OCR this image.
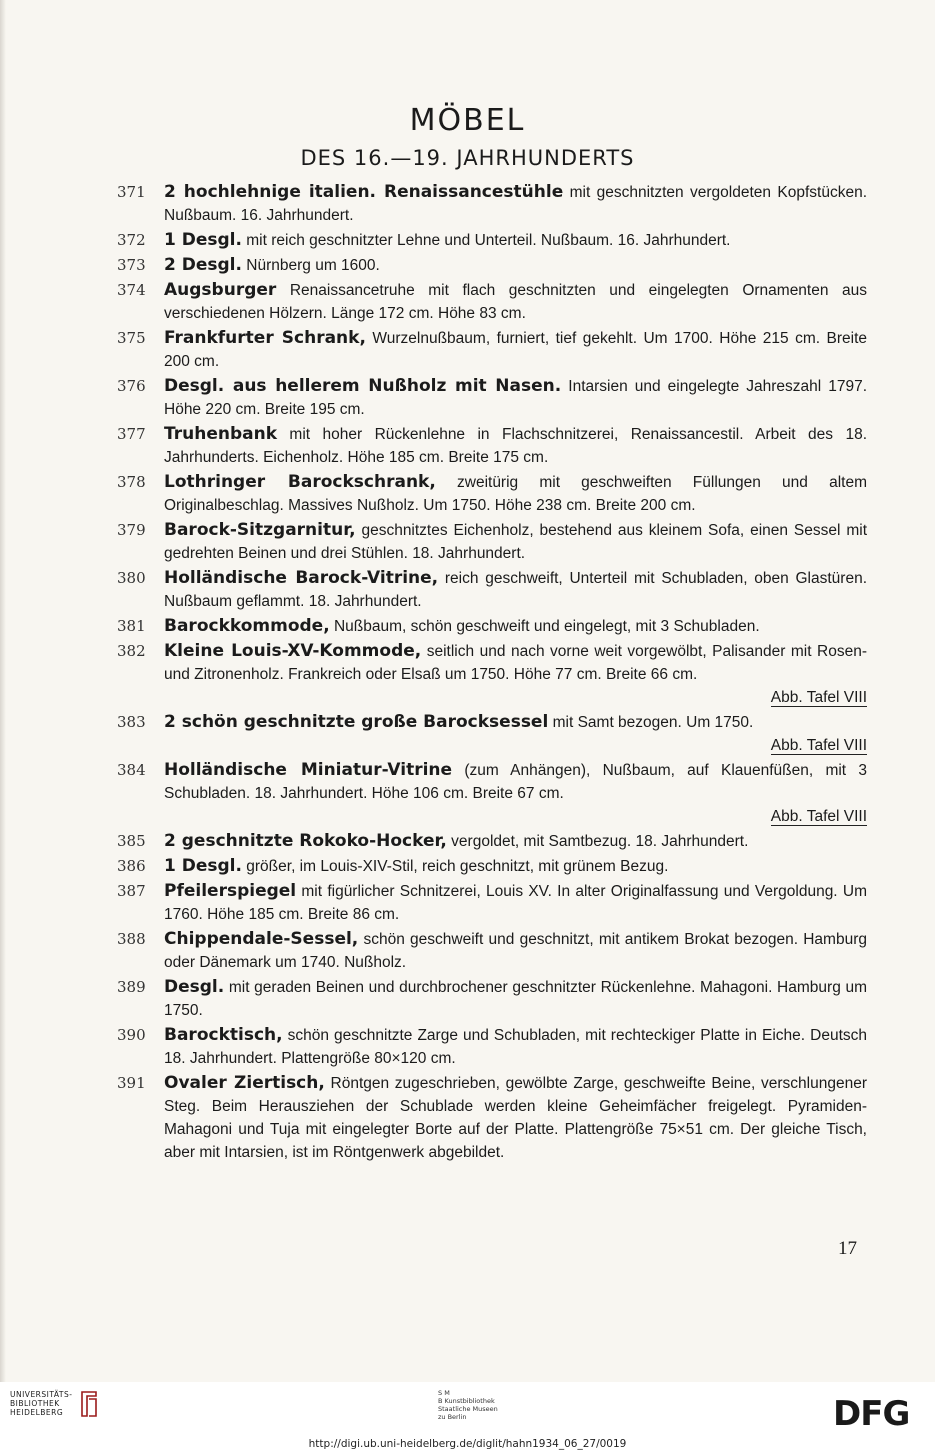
MÖBEL
DES 16.—19. JAHRHUNDERTS
371	2 hochlehnige italien. Renaissancestühle mit geschnitzten vergoldeten Kopfstücken. Nußbaum. 16. Jahrhundert.
372	1 Desgl. mit reich geschnitzter Lehne und Unterteil. Nußbaum. 16. Jahrhundert.
373	2 Desgl. Nürnberg um 1600.
374	Augsburger Renaissancetruhe mit flach geschnitzten und eingelegten Ornamenten aus verschiedenen Hölzern. Länge 172 cm. Höhe 83 cm.
375	Frankfurter Schrank, Wurzelnußbaum, furniert, tief gekehlt. Um 1700. Höhe 215 cm. Breite 200 cm.
376	Desgl. aus hellerem Nußholz mit Nasen. Intarsien und eingelegte Jahreszahl 1797. Höhe 220 cm. Breite 195 cm.
377	Truhenbank mit hoher Rückenlehne in Flachschnitzerei, Renaissancestil. Arbeit des 18. Jahrhunderts. Eichenholz. Höhe 185 cm. Breite 175 cm.
378	Lothringer Barockschrank, zweitürig mit geschweiften Füllungen und altem Originalbeschlag. Massives Nußholz. Um 1750. Höhe 238 cm. Breite 200 cm.
379	Barock-Sitzgarnitur, geschnitztes Eichenholz, bestehend aus kleinem Sofa, einen Sessel mit gedrehten Beinen und drei Stühlen. 18. Jahrhundert.
380	Holländische Barock-Vitrine, reich geschweift, Unterteil mit Schubladen, oben Glastüren. Nußbaum geflammt. 18. Jahrhundert.
381	Barockkommode, Nußbaum, schön geschweift und eingelegt, mit 3 Schubladen.
382	Kleine Louis-XV-Kommode, seitlich und nach vorne weit vorgewölbt, Palisander mit Rosen- und Zitronenholz. Frankreich oder Elsaß um 1750. Höhe 77 cm. Breite 66 cm.
Abb. Tafel VIII
383	2 schön geschnitzte große Barocksessel mit Samt bezogen. Um 1750.
Abb. Tafel VIII
384	Holländische Miniatur-Vitrine (zum Anhängen), Nußbaum, auf Klauenfüßen, mit 3 Schubladen. 18. Jahrhundert. Höhe 106 cm. Breite 67 cm.
Abb. Tafel VIII
385	2 geschnitzte Rokoko-Hocker, vergoldet, mit Samtbezug. 18. Jahrhundert.
386	1 Desgl. größer, im Louis-XIV-Stil, reich geschnitzt, mit grünem Bezug.
387	Pfeilerspiegel mit figürlicher Schnitzerei, Louis XV. In alter Originalfassung und Vergoldung. Um 1760. Höhe 185 cm. Breite 86 cm.
388	Chippendale-Sessel, schön geschweift und geschnitzt, mit antikem Brokat bezogen. Hamburg oder Dänemark um 1740. Nußholz.
389	Desgl. mit geraden Beinen und durchbrochener geschnitzter Rückenlehne. Mahagoni. Hamburg um 1750.
390	Barocktisch, schön geschnitzte Zarge und Schubladen, mit rechteckiger Platte in Eiche. Deutsch 18. Jahrhundert. Plattengröße 80×120 cm.
391	Ovaler Ziertisch, Röntgen zugeschrieben, gewölbte Zarge, geschweifte Beine, verschlungener Steg. Beim Herausziehen der Schublade werden kleine Geheimfächer freigelegt. Pyramiden-Mahagoni und Tuja mit eingelegter Borte auf der Platte. Plattengröße 75×51 cm. Der gleiche Tisch, aber mit Intarsien, ist im Röntgenwerk abgebildet.
17
UNIVERSITÄTS-
BIBLIOTHEK
HEIDELBERG
S M
B Kunstbibliothek
Staatliche Museen
zu Berlin	DFG
http://digi.ub.uni-heidelberg.de/diglit/hahn1934_06_27/0019
